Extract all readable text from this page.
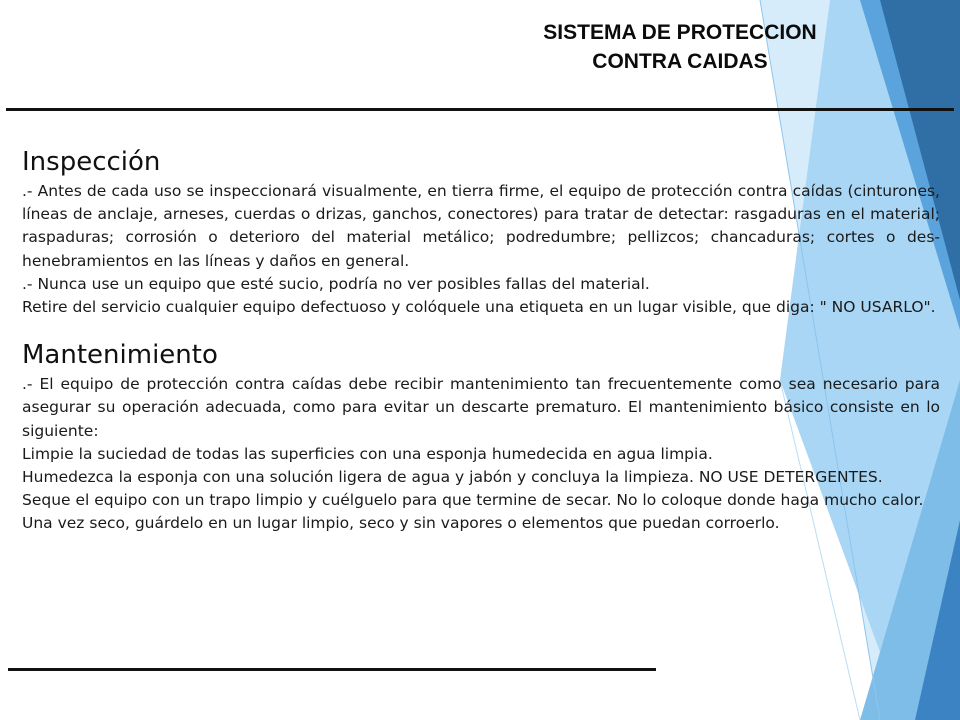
SISTEMA DE PROTECCION
CONTRA CAIDAS
Inspección

.- Antes de cada uso se inspeccionará visualmente, en tierra firme, el equipo de protección contra caídas (cinturones, líneas de anclaje, arneses, cuerdas o drizas, ganchos, conectores) para tratar de detectar: rasgaduras en el material; raspaduras; corrosión o deterioro del material metálico; podredumbre; pellizcos; chancaduras; cortes o des-henebramientos en las líneas y daños en general.

.- Nunca use un equipo que esté sucio, podría no ver posibles fallas del material.

Retire del servicio cualquier equipo defectuoso y colóquele una etiqueta en un lugar visible, que diga: " NO USARLO".

Mantenimiento

.- El equipo de protección contra caídas debe recibir mantenimiento tan frecuentemente como sea necesario para asegurar su operación adecuada, como para evitar un descarte prematuro. El mantenimiento básico consiste en lo siguiente:

Limpie la suciedad de todas las superficies con una esponja humedecida en agua limpia.

Humedezca la esponja con una solución ligera de agua y jabón y concluya la limpieza. NO USE DETERGENTES.

Seque el equipo con un trapo limpio y cuélguelo para que termine de secar. No lo coloque donde haga mucho calor.

Una vez seco, guárdelo en un lugar limpio, seco y sin vapores o elementos que puedan corroerlo.
